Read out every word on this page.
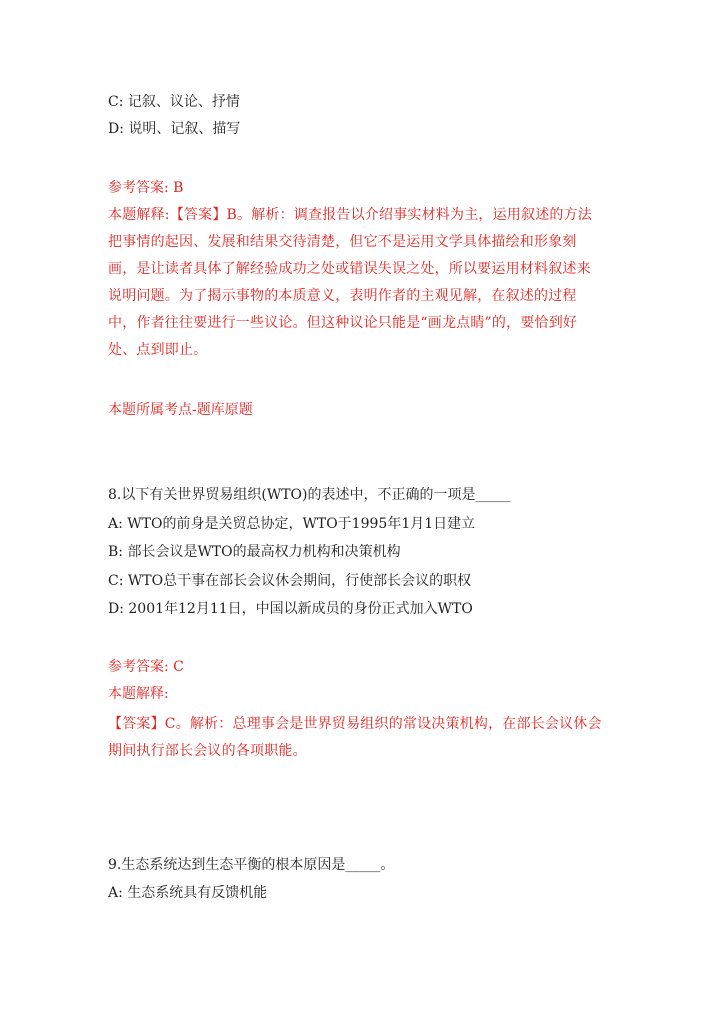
C: 记叙、议论、抒情
D: 说明、记叙、描写
参考答案: B
本题解释:【答案】B。解析：调查报告以介绍事实材料为主，运用叙述的方法
把事情的起因、发展和结果交待清楚，但它不是运用文学具体描绘和形象刻
画，是让读者具体了解经验成功之处或错误失误之处，所以要运用材料叙述来
说明问题。为了揭示事物的本质意义，表明作者的主观见解，在叙述的过程
中，作者往往要进行一些议论。但这种议论只能是“画龙点睛”的，要恰到好
处、点到即止。
本题所属考点-题库原题
8.以下有关世界贸易组织(WTO)的表述中，不正确的一项是_____
A: WTO的前身是关贸总协定，WTO于1995年1月1日建立
B: 部长会议是WTO的最高权力机构和决策机构
C: WTO总干事在部长会议休会期间，行使部长会议的职权
D: 2001年12月11日，中国以新成员的身份正式加入WTO
参考答案: C
本题解释:
【答案】C。解析：总理事会是世界贸易组织的常设决策机构，在部长会议休会
期间执行部长会议的各项职能。
9.生态系统达到生态平衡的根本原因是_____。
A: 生态系统具有反馈机能
